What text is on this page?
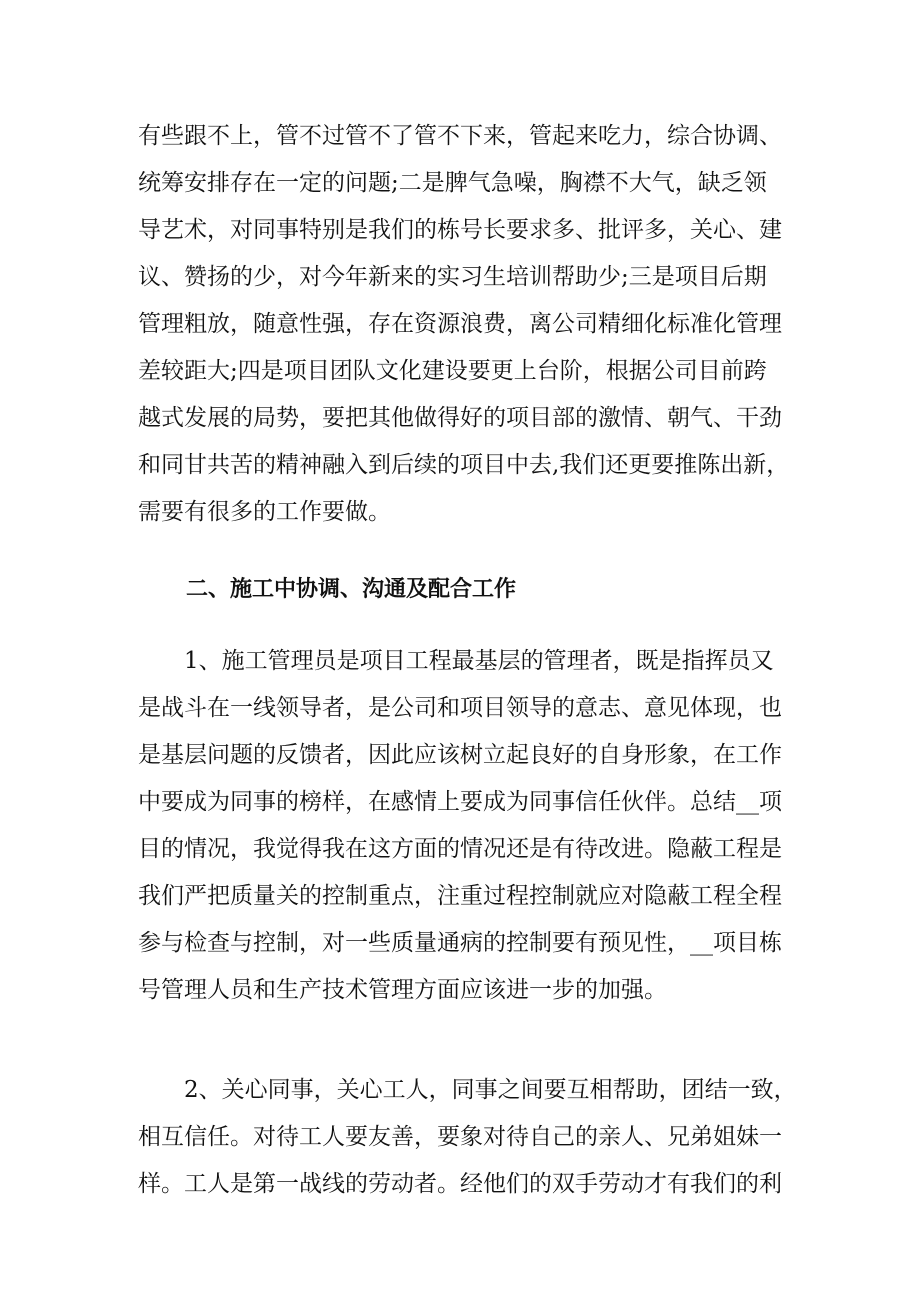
有些跟不上，管不过管不了管不下来，管起来吃力，综合协调、
统筹安排存在一定的问题;二是脾气急噪，胸襟不大气，缺乏领
导艺术，对同事特别是我们的栋号长要求多、批评多，关心、建
议、赞扬的少，对今年新来的实习生培训帮助少;三是项目后期
管理粗放，随意性强，存在资源浪费，离公司精细化标准化管理
差较距大;四是项目团队文化建设要更上台阶，根据公司目前跨
越式发展的局势，要把其他做得好的项目部的激情、朝气、干劲
和同甘共苦的精神融入到后续的项目中去,我们还更要推陈出新，
需要有很多的工作要做。
二、施工中协调、沟通及配合工作
1、施工管理员是项目工程最基层的管理者，既是指挥员又
是战斗在一线领导者，是公司和项目领导的意志、意见体现，也
是基层问题的反馈者，因此应该树立起良好的自身形象，在工作
中要成为同事的榜样，在感情上要成为同事信任伙伴。总结__项
目的情况，我觉得我在这方面的情况还是有待改进。隐蔽工程是
我们严把质量关的控制重点，注重过程控制就应对隐蔽工程全程
参与检查与控制，对一些质量通病的控制要有预见性，__项目栋
号管理人员和生产技术管理方面应该进一步的加强。
2、关心同事，关心工人，同事之间要互相帮助，团结一致，
相互信任。对待工人要友善，要象对待自己的亲人、兄弟姐妹一
样。工人是第一战线的劳动者。经他们的双手劳动才有我们的利
